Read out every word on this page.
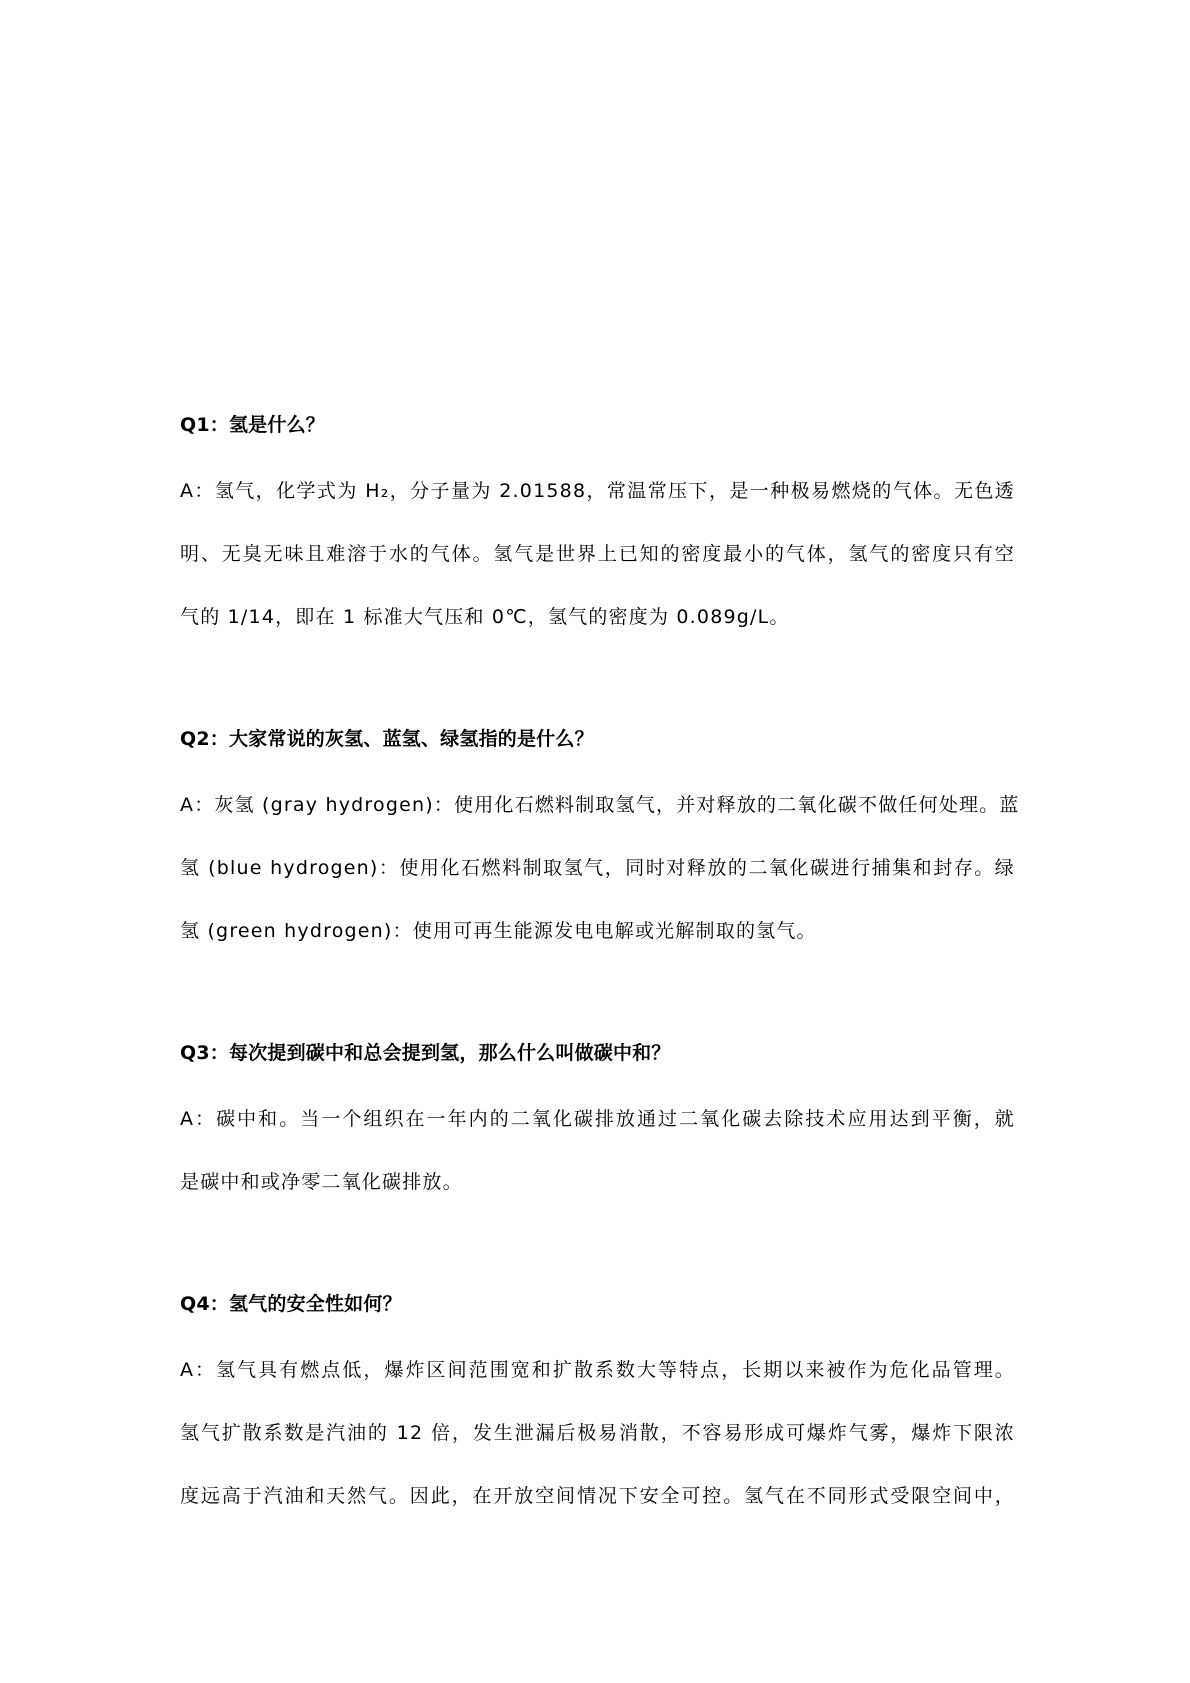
Q1：氢是什么？

A：氢气，化学式为 H₂，分子量为 2.01588，常温常压下，是一种极易燃烧的气体。无色透
明、无臭无味且难溶于水的气体。氢气是世界上已知的密度最小的气体，氢气的密度只有空
气的 1/14，即在 1 标准大气压和 0℃，氢气的密度为 0.089g/L。

Q2：大家常说的灰氢、蓝氢、绿氢指的是什么？

A：灰氢 (gray hydrogen)：使用化石燃料制取氢气，并对释放的二氧化碳不做任何处理。蓝
氢 (blue hydrogen)：使用化石燃料制取氢气，同时对释放的二氧化碳进行捕集和封存。绿
氢 (green hydrogen)：使用可再生能源发电电解或光解制取的氢气。

Q3：每次提到碳中和总会提到氢，那么什么叫做碳中和？

A：碳中和。当一个组织在一年内的二氧化碳排放通过二氧化碳去除技术应用达到平衡，就
是碳中和或净零二氧化碳排放。

Q4：氢气的安全性如何？

A：氢气具有燃点低，爆炸区间范围宽和扩散系数大等特点，长期以来被作为危化品管理。
氢气扩散系数是汽油的 12 倍，发生泄漏后极易消散，不容易形成可爆炸气雾，爆炸下限浓
度远高于汽油和天然气。因此，在开放空间情况下安全可控。氢气在不同形式受限空间中，
